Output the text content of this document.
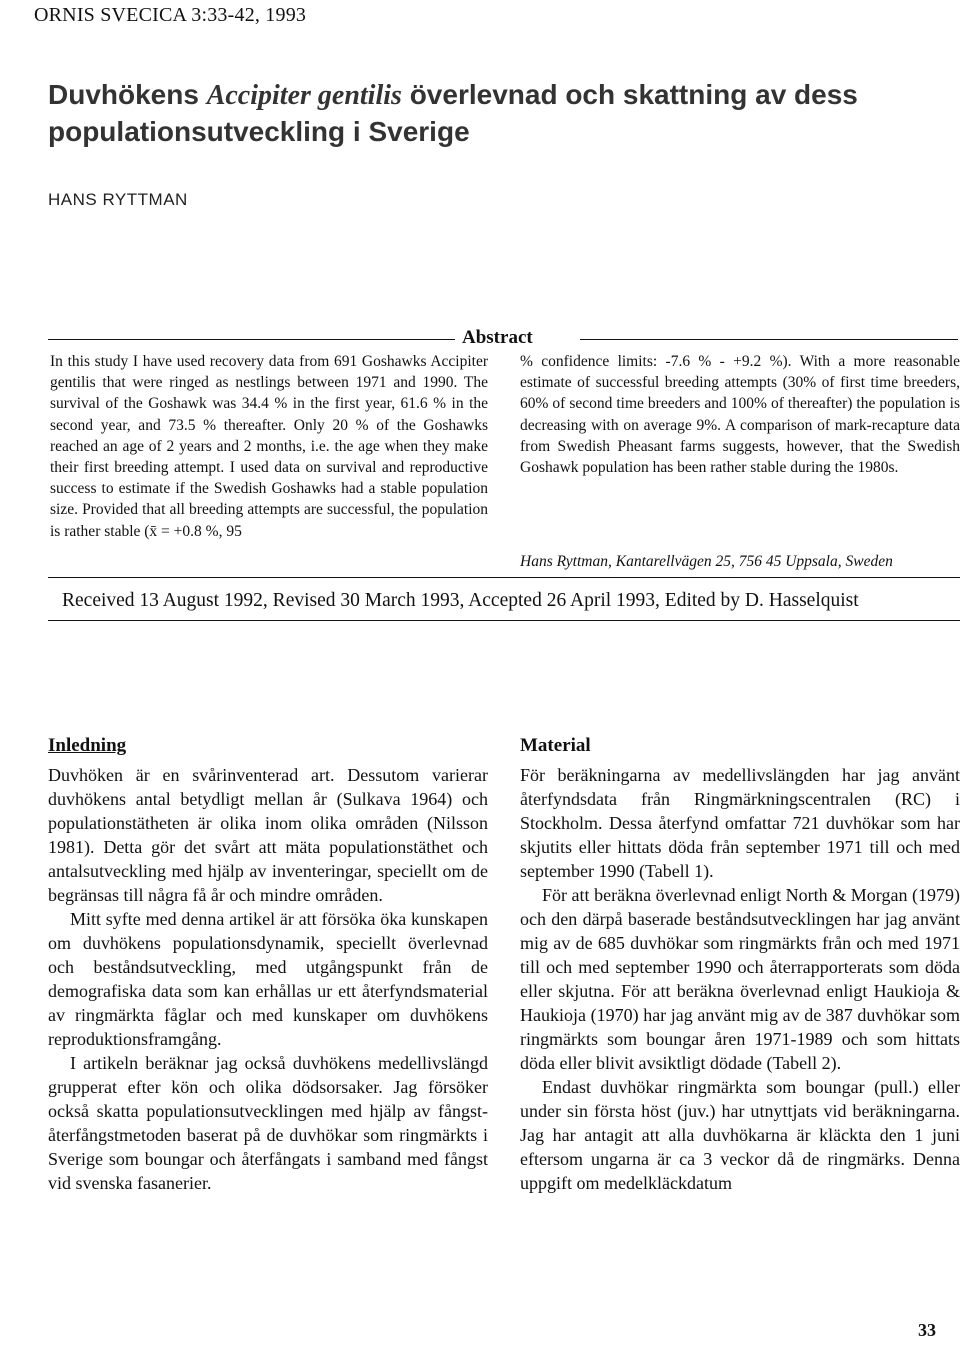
ORNIS SVECICA 3:33-42, 1993
Duvhökens Accipiter gentilis överlevnad och skattning av dess populationsutveckling i Sverige
HANS RYTTMAN
Abstract

In this study I have used recovery data from 691 Goshawks Accipiter gentilis that were ringed as nestlings between 1971 and 1990. The survival of the Goshawk was 34.4 % in the first year, 61.6 % in the second year, and 73.5 % thereafter. Only 20 % of the Goshawks reached an age of 2 years and 2 months, i.e. the age when they make their first breeding attempt. I used data on survival and reproductive success to estimate if the Swedish Goshawks had a stable population size. Provided that all breeding attempts are successful, the population is rather stable (x̄ = +0.8 %, 95

% confidence limits: -7.6 % - +9.2 %). With a more reasonable estimate of successful breeding attempts (30% of first time breeders, 60% of second time breeders and 100% of thereafter) the population is decreasing with on average 9%. A comparison of mark-recapture data from Swedish Pheasant farms suggests, however, that the Swedish Goshawk population has been rather stable during the 1980s.

Hans Ryttman, Kantarellvägen 25, 756 45 Uppsala, Sweden
Received 13 August 1992, Revised 30 March 1993, Accepted 26 April 1993, Edited by D. Hasselquist
Inledning

Duvhöken är en svårinventerad art. Dessutom varierar duvhökens antal betydligt mellan år (Sulkava 1964) och populationstätheten är olika inom olika områden (Nilsson 1981). Detta gör det svårt att mäta populationstäthet och antalsutveckling med hjälp av inventeringar, speciellt om de begränsas till några få år och mindre områden.

Mitt syfte med denna artikel är att försöka öka kunskapen om duvhökens populationsdynamik, speciellt överlevnad och beståndsutveckling, med utgångspunkt från de demografiska data som kan erhållas ur ett återfyndsmaterial av ringmärkta fåglar och med kunskaper om duvhökens reproduktionsframgång.

I artikeln beräknar jag också duvhökens medellivslängd grupperat efter kön och olika dödsorsaker. Jag försöker också skatta populationsutvecklingen med hjälp av fångst-återfångstmetoden baserat på de duvhökar som ringmärkts i Sverige som boungar och återfångats i samband med fångst vid svenska fasanerier.

Material

För beräkningarna av medellivslängden har jag använt återfyndsdata från Ringmärkningscentralen (RC) i Stockholm. Dessa återfynd omfattar 721 duvhökar som har skjutits eller hittats döda från september 1971 till och med september 1990 (Tabell 1).

För att beräkna överlevnad enligt North & Morgan (1979) och den därpå baserade beståndsutvecklingen har jag använt mig av de 685 duvhökar som ringmärkts från och med 1971 till och med september 1990 och återrapporterats som döda eller skjutna. För att beräkna överlevnad enligt Haukioja & Haukioja (1970) har jag använt mig av de 387 duvhökar som ringmärkts som boungar åren 1971-1989 och som hittats döda eller blivit avsiktligt dödade (Tabell 2).

Endast duvhökar ringmärkta som boungar (pull.) eller under sin första höst (juv.) har utnyttjats vid beräkningarna. Jag har antagit att alla duvhökarna är kläckta den 1 juni eftersom ungarna är ca 3 veckor då de ringmärks. Denna uppgift om medelkläckdatum

33
